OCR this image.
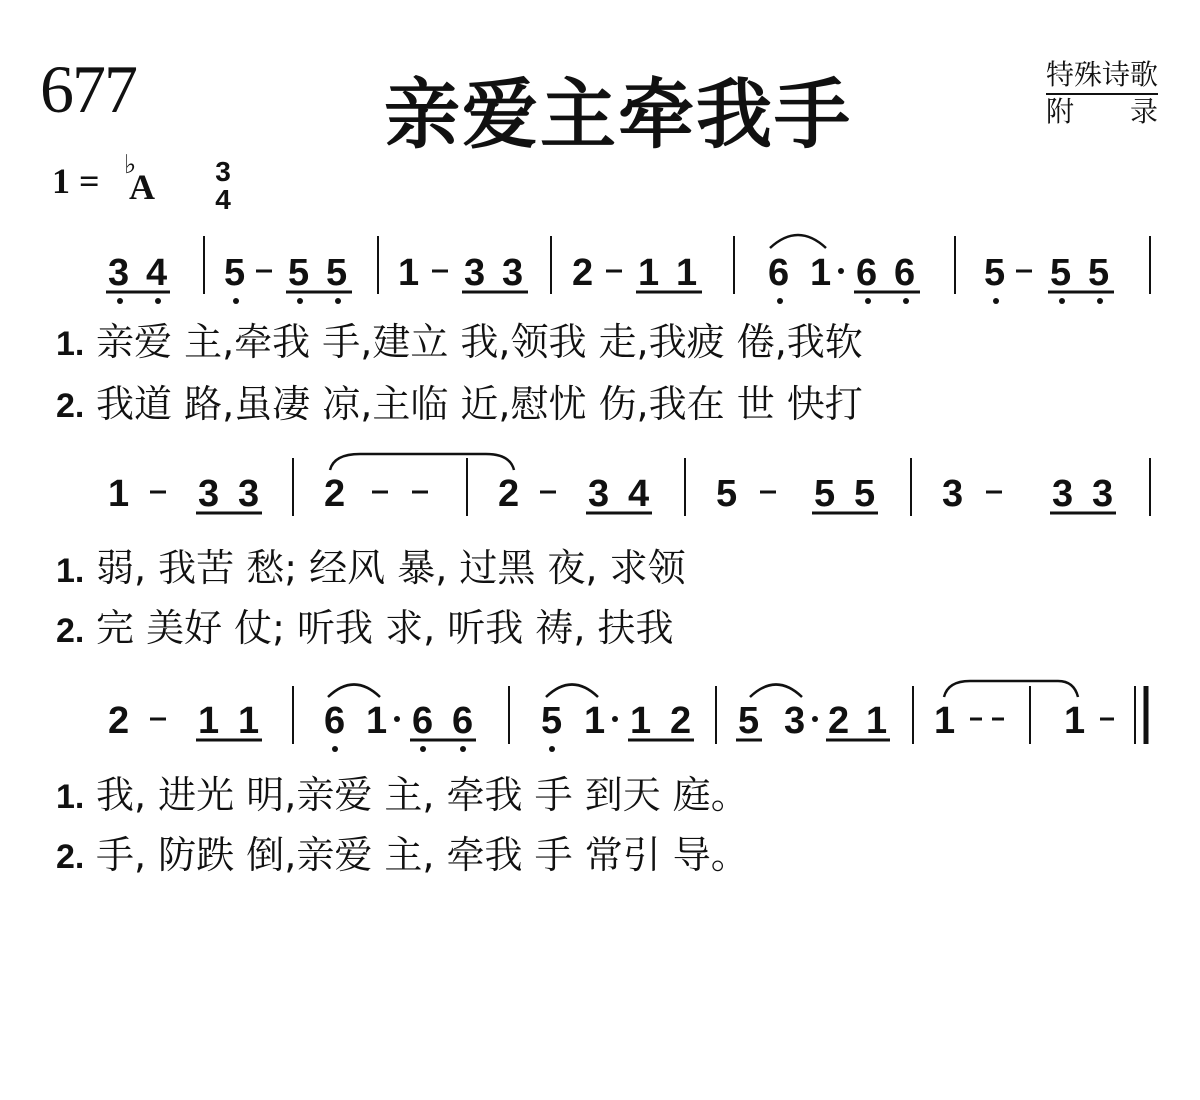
677	亲爱主牵我手	特殊诗歌
附 录
1 = ♭
A 3
4
3 4 5 5 5 1 3 3 2 1 1 6 1 6 6 5 5 5
1 3 3 2	2 3 4 5 5 5 3 3 3
2 1 1 6 1 6 6 5 1 1 2 5 3 2 1 1	1
1. 亲爱 主,牵我 手,建立 我,领我 走,我疲 倦,我软
2. 我道 路,虽凄 凉,主临 近,慰忧 伤,我在 世 快打
1. 弱, 我苦 愁; 经风 暴, 过黑 夜, 求领
2. 完 美好 仗; 听我 求, 听我 祷, 扶我
1. 我, 进光 明,亲爱 主, 牵我 手 到天 庭。
2. 手, 防跌 倒,亲爱 主, 牵我 手 常引 导。
